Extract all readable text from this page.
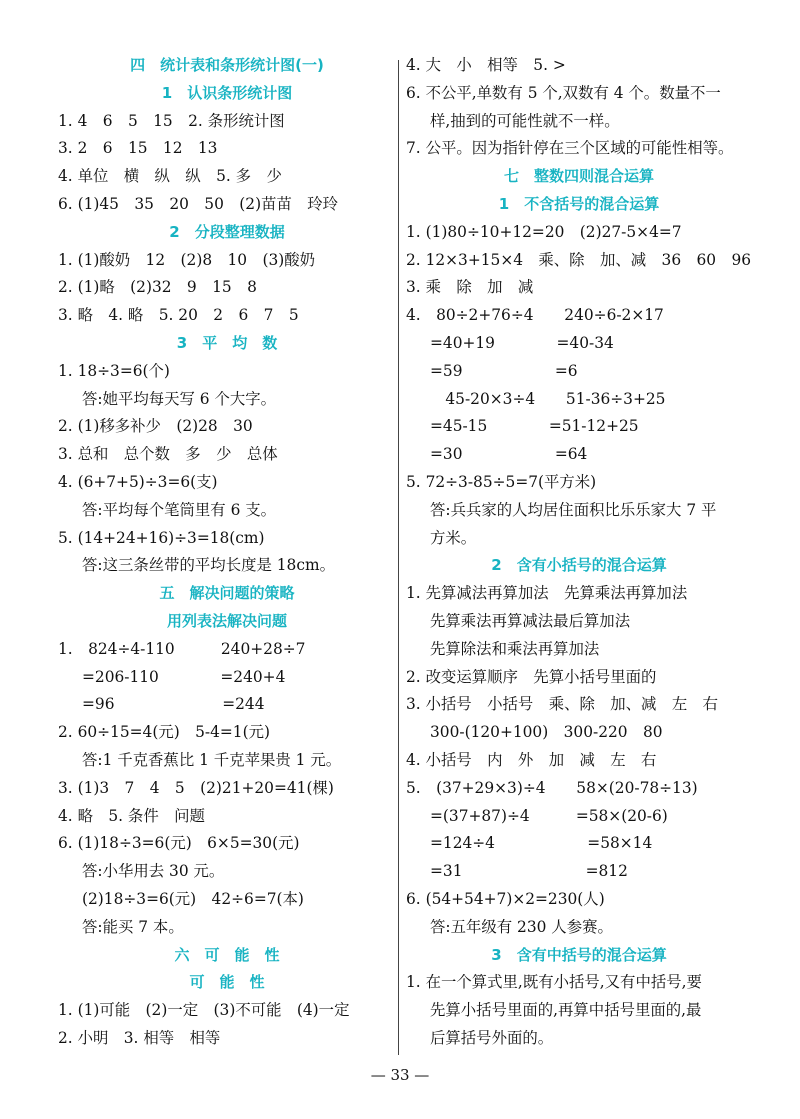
四　统计表和条形统计图(一)
1　认识条形统计图
1. 4　6　5　15　2. 条形统计图
3. 2　6　15　12　13
4. 单位　横　纵　纵　5. 多　少
6. (1)45　35　20　50　(2)苗苗　玲玲
2　分段整理数据
1. (1)酸奶　12　(2)8　10　(3)酸奶
2. (1)略　(2)32　9　15　8
3. 略　4. 略　5. 20　2　6　7　5
3　平　均　数
1. 18÷3=6(个)
答:她平均每天写 6 个大字。
2. (1)移多补少　(2)28　30
3. 总和　总个数　多　少　总体
4. (6+7+5)÷3=6(支)
答:平均每个笔筒里有 6 支。
5. (14+24+16)÷3=18(cm)
答:这三条丝带的平均长度是 18cm。
五　解决问题的策略
用列表法解决问题
1.　824÷4-110　　　240+28÷7
=206-110　　　　=240+4
=96　　　　　　　=244
2. 60÷15=4(元)　5-4=1(元)
答:1 千克香蕉比 1 千克苹果贵 1 元。
3. (1)3　7　4　5　(2)21+20=41(棵)
4. 略　5. 条件　问题
6. (1)18÷3=6(元)　6×5=30(元)
答:小华用去 30 元。
(2)18÷3=6(元)　42÷6=7(本)
答:能买 7 本。
六　可　能　性
可　能　性
1. (1)可能　(2)一定　(3)不可能　(4)一定
2. 小明　3. 相等　相等
4. 大　小　相等　5. >
6. 不公平,单数有 5 个,双数有 4 个。数量不一
样,抽到的可能性就不一样。
7. 公平。因为指针停在三个区域的可能性相等。
七　整数四则混合运算
1　不含括号的混合运算
1. (1)80÷10+12=20　(2)27-5×4=7
2. 12×3+15×4　乘、除　加、减　36　60　96
3. 乘　除　加　减
4.　80÷2+76÷4　　240÷6-2×17
=40+19　　　　=40-34
=59　　　　　　=6
　45-20×3÷4　　51-36÷3+25
=45-15　　　　=51-12+25
=30　　　　　　=64
5. 72÷3-85÷5=7(平方米)
答:兵兵家的人均居住面积比乐乐家大 7 平
方米。
2　含有小括号的混合运算
1. 先算减法再算加法　先算乘法再算加法
先算乘法再算减法最后算加法
先算除法和乘法再算加法
2. 改变运算顺序　先算小括号里面的
3. 小括号　小括号　乘、除　加、减　左　右
300-(120+100)　300-220　80
4. 小括号　内　外　加　减　左　右
5.　(37+29×3)÷4　　58×(20-78÷13)
=(37+87)÷4　　　=58×(20-6)
=124÷4　　　　　　=58×14
=31　　　　　　　　=812
6. (54+54+7)×2=230(人)
答:五年级有 230 人参赛。
3　含有中括号的混合运算
1. 在一个算式里,既有小括号,又有中括号,要
先算小括号里面的,再算中括号里面的,最
后算括号外面的。
— 33 —
